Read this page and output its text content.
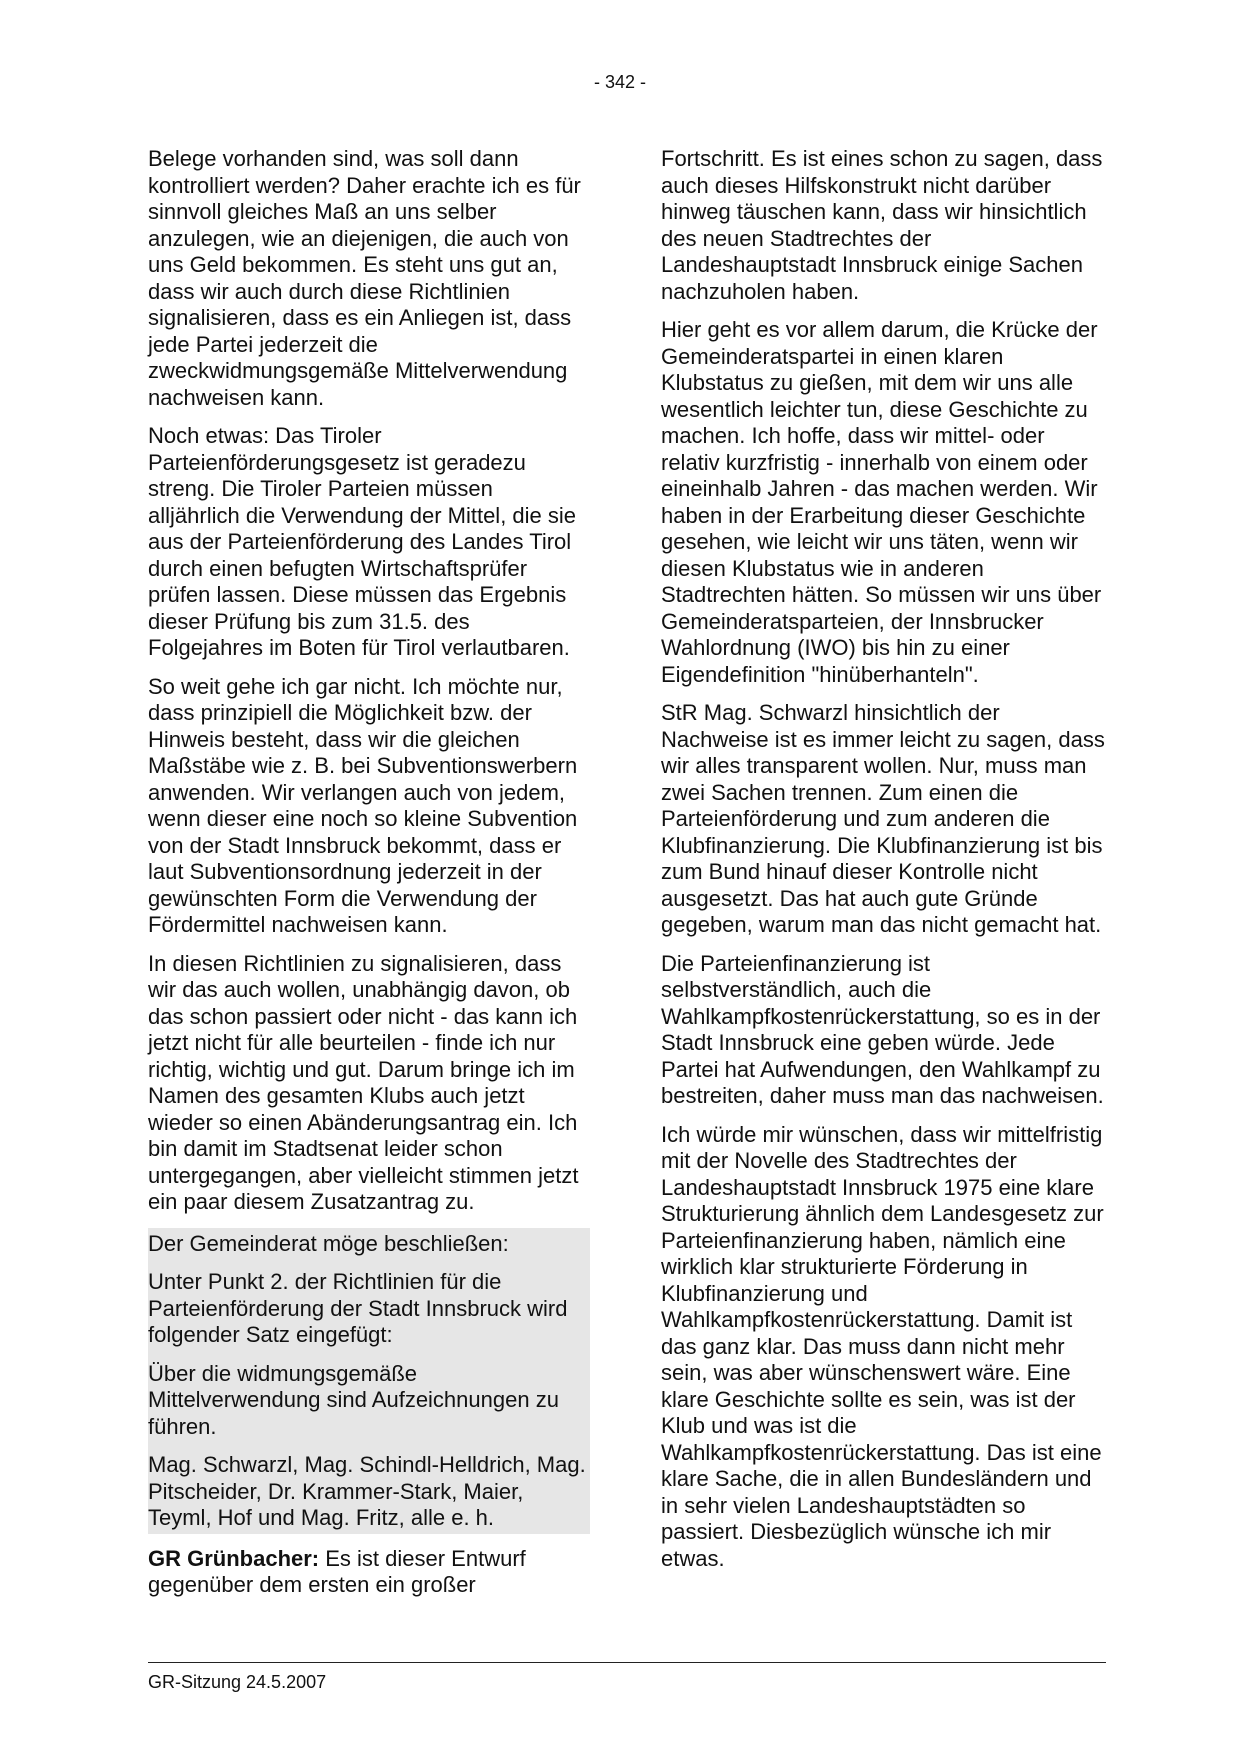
- 342 -

Belege vorhanden sind, was soll dann kontrolliert werden? Daher erachte ich es für sinnvoll gleiches Maß an uns selber anzulegen, wie an diejenigen, die auch von uns Geld bekommen. Es steht uns gut an, dass wir auch durch diese Richtlinien signalisieren, dass es ein Anliegen ist, dass jede Partei jederzeit die zweckwidmungsgemäße Mittelverwendung nachweisen kann.

Noch etwas: Das Tiroler Parteienförderungsgesetz ist geradezu streng. Die Tiroler Parteien müssen alljährlich die Verwendung der Mittel, die sie aus der Parteienförderung des Landes Tirol durch einen befugten Wirtschaftsprüfer prüfen lassen. Diese müssen das Ergebnis dieser Prüfung bis zum 31.5. des Folgejahres im Boten für Tirol verlautbaren.

So weit gehe ich gar nicht. Ich möchte nur, dass prinzipiell die Möglichkeit bzw. der Hinweis besteht, dass wir die gleichen Maßstäbe wie z. B. bei Subventionswerbern anwenden. Wir verlangen auch von jedem, wenn dieser eine noch so kleine Subvention von der Stadt Innsbruck bekommt, dass er laut Subventionsordnung jederzeit in der gewünschten Form die Verwendung der Fördermittel nachweisen kann.

In diesen Richtlinien zu signalisieren, dass wir das auch wollen, unabhängig davon, ob das schon passiert oder nicht - das kann ich jetzt nicht für alle beurteilen - finde ich nur richtig, wichtig und gut. Darum bringe ich im Namen des gesamten Klubs auch jetzt wieder so einen Abänderungsantrag ein. Ich bin damit im Stadtsenat leider schon untergegangen, aber vielleicht stimmen jetzt ein paar diesem Zusatzantrag zu.

Der Gemeinderat möge beschließen:

Unter Punkt 2. der Richtlinien für die Parteienförderung der Stadt Innsbruck wird folgender Satz eingefügt:

Über die widmungsgemäße Mittelverwendung sind Aufzeichnungen zu führen.

Mag. Schwarzl, Mag. Schindl-Helldrich, Mag. Pitscheider, Dr. Krammer-Stark, Maier, Teyml, Hof und Mag. Fritz, alle e. h.

GR Grünbacher: Es ist dieser Entwurf gegenüber dem ersten ein großer

Fortschritt. Es ist eines schon zu sagen, dass auch dieses Hilfskonstrukt nicht darüber hinweg täuschen kann, dass wir hinsichtlich des neuen Stadtrechtes der Landeshauptstadt Innsbruck einige Sachen nachzuholen haben.

Hier geht es vor allem darum, die Krücke der Gemeinderatspartei in einen klaren Klubstatus zu gießen, mit dem wir uns alle wesentlich leichter tun, diese Geschichte zu machen. Ich hoffe, dass wir mittel- oder relativ kurzfristig - innerhalb von einem oder eineinhalb Jahren - das machen werden. Wir haben in der Erarbeitung dieser Geschichte gesehen, wie leicht wir uns täten, wenn wir diesen Klubstatus wie in anderen Stadtrechten hätten. So müssen wir uns über Gemeinderatsparteien, der Innsbrucker Wahlordnung (IWO) bis hin zu einer Eigendefinition "hinüberhanteln".

StR Mag. Schwarzl hinsichtlich der Nachweise ist es immer leicht zu sagen, dass wir alles transparent wollen. Nur, muss man zwei Sachen trennen. Zum einen die Parteienförderung und zum anderen die Klubfinanzierung. Die Klubfinanzierung ist bis zum Bund hinauf dieser Kontrolle nicht ausgesetzt. Das hat auch gute Gründe gegeben, warum man das nicht gemacht hat.

Die Parteienfinanzierung ist selbstverständlich, auch die Wahlkampfkostenrückerstattung, so es in der Stadt Innsbruck eine geben würde. Jede Partei hat Aufwendungen, den Wahlkampf zu bestreiten, daher muss man das nachweisen.

Ich würde mir wünschen, dass wir mittelfristig mit der Novelle des Stadtrechtes der Landeshauptstadt Innsbruck 1975 eine klare Strukturierung ähnlich dem Landesgesetz zur Parteienfinanzierung haben, nämlich eine wirklich klar strukturierte Förderung in Klubfinanzierung und Wahlkampfkostenrückerstattung. Damit ist das ganz klar. Das muss dann nicht mehr sein, was aber wünschenswert wäre. Eine klare Geschichte sollte es sein, was ist der Klub und was ist die Wahlkampfkostenrückerstattung. Das ist eine klare Sache, die in allen Bundesländern und in sehr vielen Landeshauptstädten so passiert. Diesbezüglich wünsche ich mir etwas.

GR-Sitzung 24.5.2007
